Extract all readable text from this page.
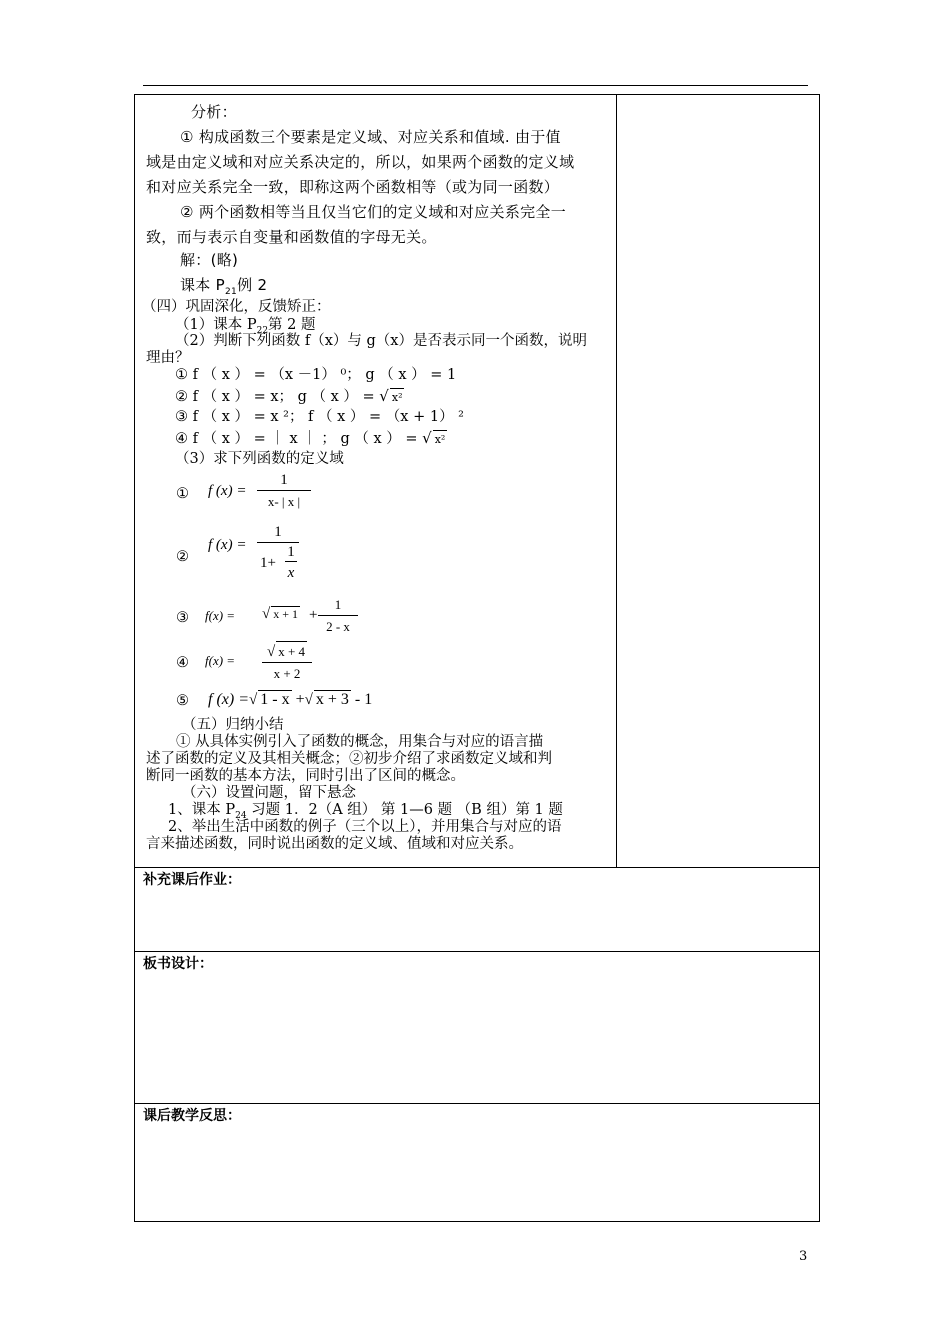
分析：
① 构成函数三个要素是定义域、对应关系和值域. 由于值
域是由定义域和对应关系决定的，所以，如果两个函数的定义域
和对应关系完全一致，即称这两个函数相等（或为同一函数）
② 两个函数相等当且仅当它们的定义域和对应关系完全一
致，而与表示自变量和函数值的字母无关。
解：(略)
课本 $P_{21}$例 2
（四）巩固深化，反馈矫正：
（1）课本 $P_{22}$第 2 题
（2）判断下列函数 f（x）与 g（x）是否表示同一个函数，说明
理由？
① f （ x ） = （x －1） ⁰； g （ x ） = 1
② f （ x ） = x； g （ x ） = √ x²
③ f （ x ） = x ²； f （ x ） = （x + 1） ²
④ f （ x ） = ｜ x ｜ ； g （ x ） = √ x²
（3）求下列函数的定义域
① f $(x) = \frac{1}{x- | x |}$
②
f (x) = 1
1+
1
x
③ f(x) = √ $x + 1 + \frac{1}{2 - x}$
④ $f(x) = \frac{√ x + 4}{x + 2}$
⑤ f (x) =√ 1 - x +√ x + 3 - 1
（五）归纳小结
① 从具体实例引入了函数的概念，用集合与对应的语言描
述了函数的定义及其相关概念；②初步介绍了求函数定义域和判
断同一函数的基本方法，同时引出了区间的概念。
（六）设置问题，留下悬念
1、课本 $P_{24}$ 习题 1．2（A 组） 第 1—6 题 （B 组）第 1 题
2、举出生活中函数的例子（三个以上），并用集合与对应的语
言来描述函数，同时说出函数的定义域、值域和对应关系。
补充课后作业：
板书设计：
课后教学反思：
3
